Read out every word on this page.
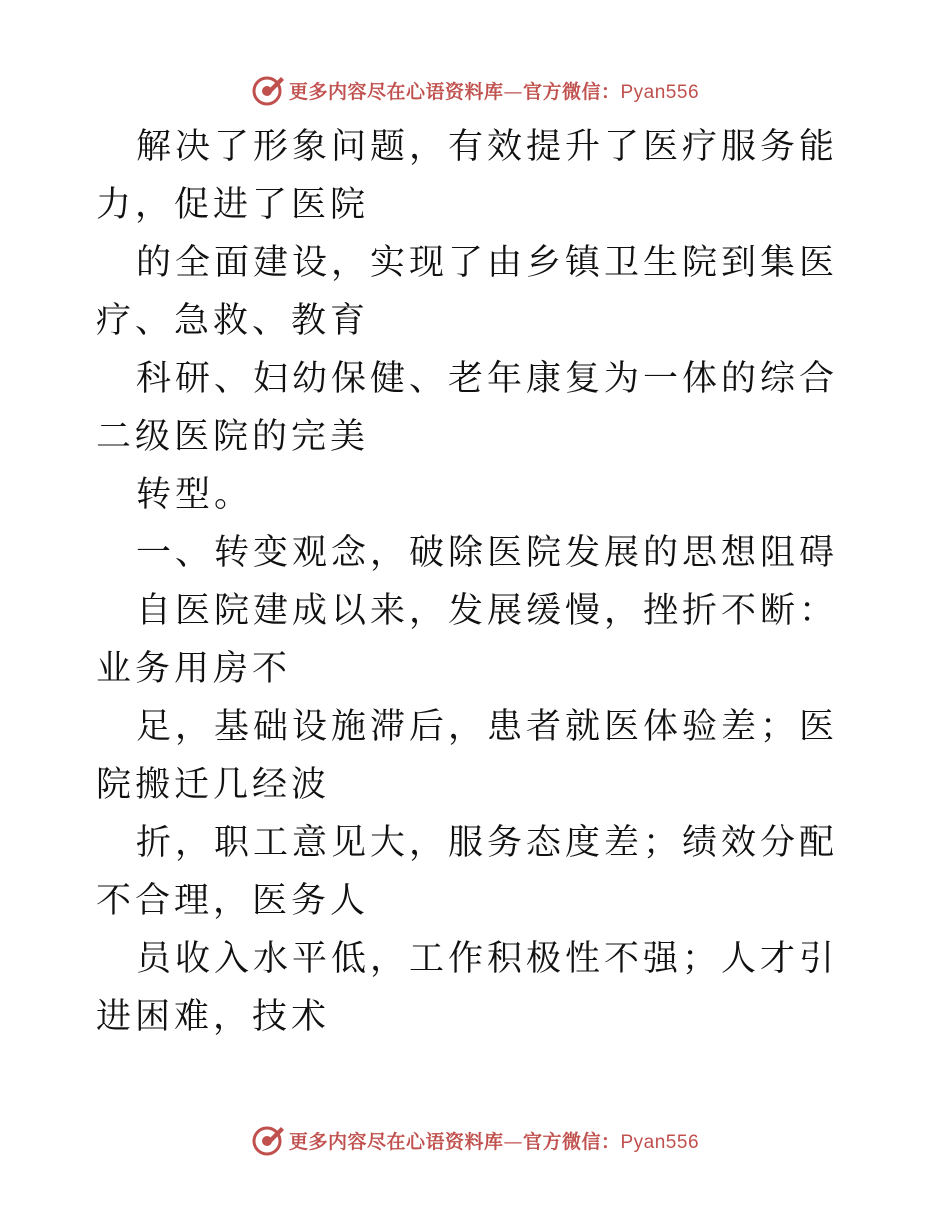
更多内容尽在心语资料库—官方微信：Pyan556

解决了形象问题，有效提升了医疗服务能力，促进了医院

的全面建设，实现了由乡镇卫生院到集医疗、急救、教育

科研、妇幼保健、老年康复为一体的综合二级医院的完美

转型。

一、转变观念，破除医院发展的思想阻碍

自医院建成以来，发展缓慢，挫折不断：业务用房不

足，基础设施滞后，患者就医体验差；医院搬迁几经波

折，职工意见大，服务态度差；绩效分配不合理，医务人

员收入水平低，工作积极性不强；人才引进困难，技术

更多内容尽在心语资料库—官方微信：Pyan556
